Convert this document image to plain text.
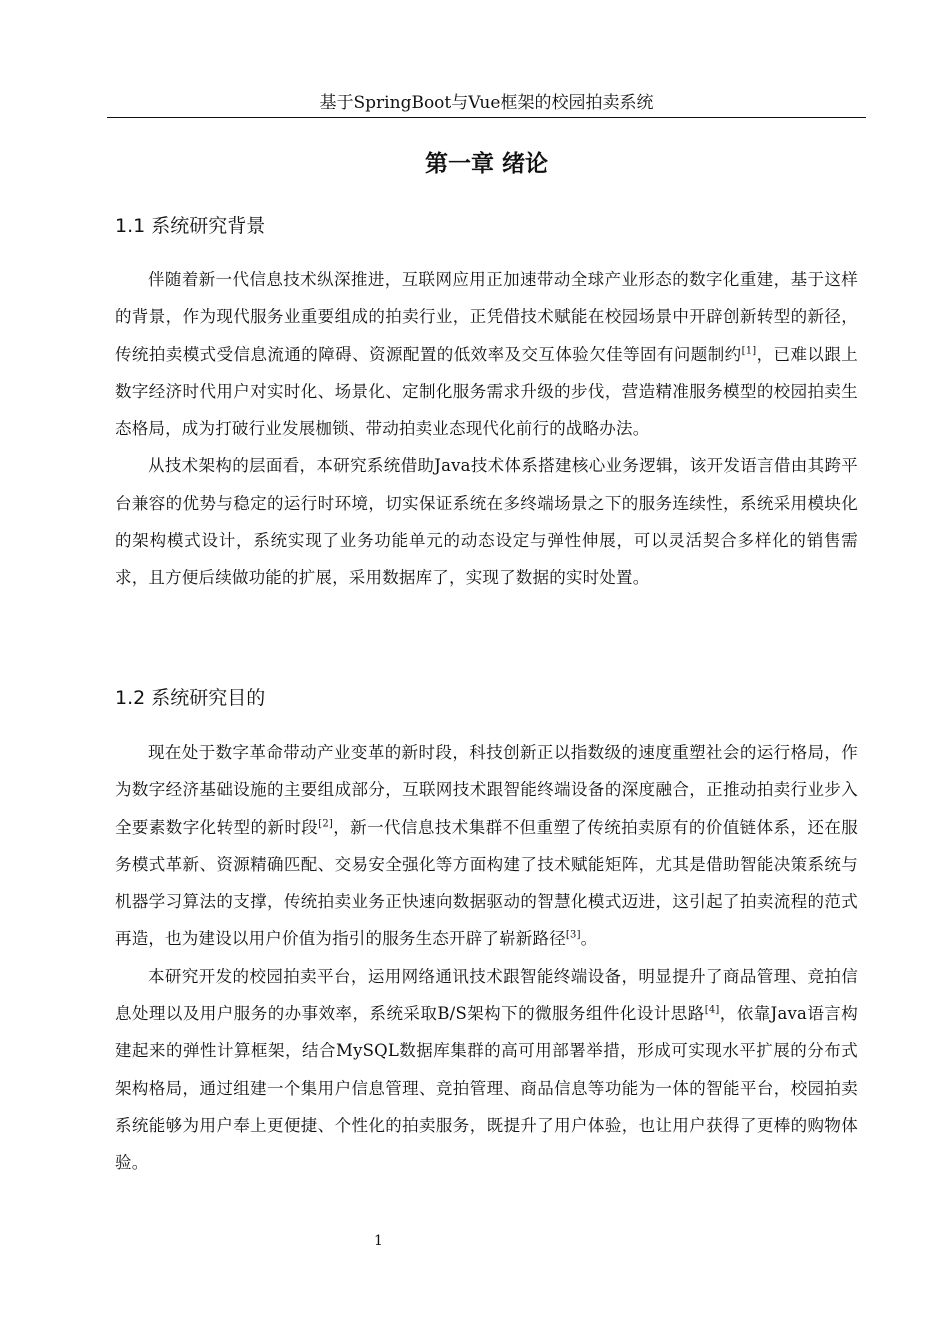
基于SpringBoot与Vue框架的校园拍卖系统
第一章 绪论
1.1 系统研究背景

伴随着新一代信息技术纵深推进，互联网应用正加速带动全球产业形态的数字化重建，基于这样的背景，作为现代服务业重要组成的拍卖行业，正凭借技术赋能在校园场景中开辟创新转型的新径，传统拍卖模式受信息流通的障碍、资源配置的低效率及交互体验欠佳等固有问题制约[1]，已难以跟上数字经济时代用户对实时化、场景化、定制化服务需求升级的步伐，营造精准服务模型的校园拍卖生态格局，成为打破行业发展枷锁、带动拍卖业态现代化前行的战略办法。

从技术架构的层面看，本研究系统借助Java技术体系搭建核心业务逻辑，该开发语言借由其跨平台兼容的优势与稳定的运行时环境，切实保证系统在多终端场景之下的服务连续性，系统采用模块化的架构模式设计，系统实现了业务功能单元的动态设定与弹性伸展，可以灵活契合多样化的销售需求，且方便后续做功能的扩展，采用数据库了，实现了数据的实时处置。

1.2 系统研究目的

现在处于数字革命带动产业变革的新时段，科技创新正以指数级的速度重塑社会的运行格局，作为数字经济基础设施的主要组成部分，互联网技术跟智能终端设备的深度融合，正推动拍卖行业步入全要素数字化转型的新时段[2]，新一代信息技术集群不但重塑了传统拍卖原有的价值链体系，还在服务模式革新、资源精确匹配、交易安全强化等方面构建了技术赋能矩阵，尤其是借助智能决策系统与机器学习算法的支撑，传统拍卖业务正快速向数据驱动的智慧化模式迈进，这引起了拍卖流程的范式再造，也为建设以用户价值为指引的服务生态开辟了崭新路径[3]。

本研究开发的校园拍卖平台，运用网络通讯技术跟智能终端设备，明显提升了商品管理、竞拍信息处理以及用户服务的办事效率，系统采取B/S架构下的微服务组件化设计思路[4]，依靠Java语言构建起来的弹性计算框架，结合MySQL数据库集群的高可用部署举措，形成可实现水平扩展的分布式架构格局，通过组建一个集用户信息管理、竞拍管理、商品信息等功能为一体的智能平台，校园拍卖系统能够为用户奉上更便捷、个性化的拍卖服务，既提升了用户体验，也让用户获得了更棒的购物体验。

1
